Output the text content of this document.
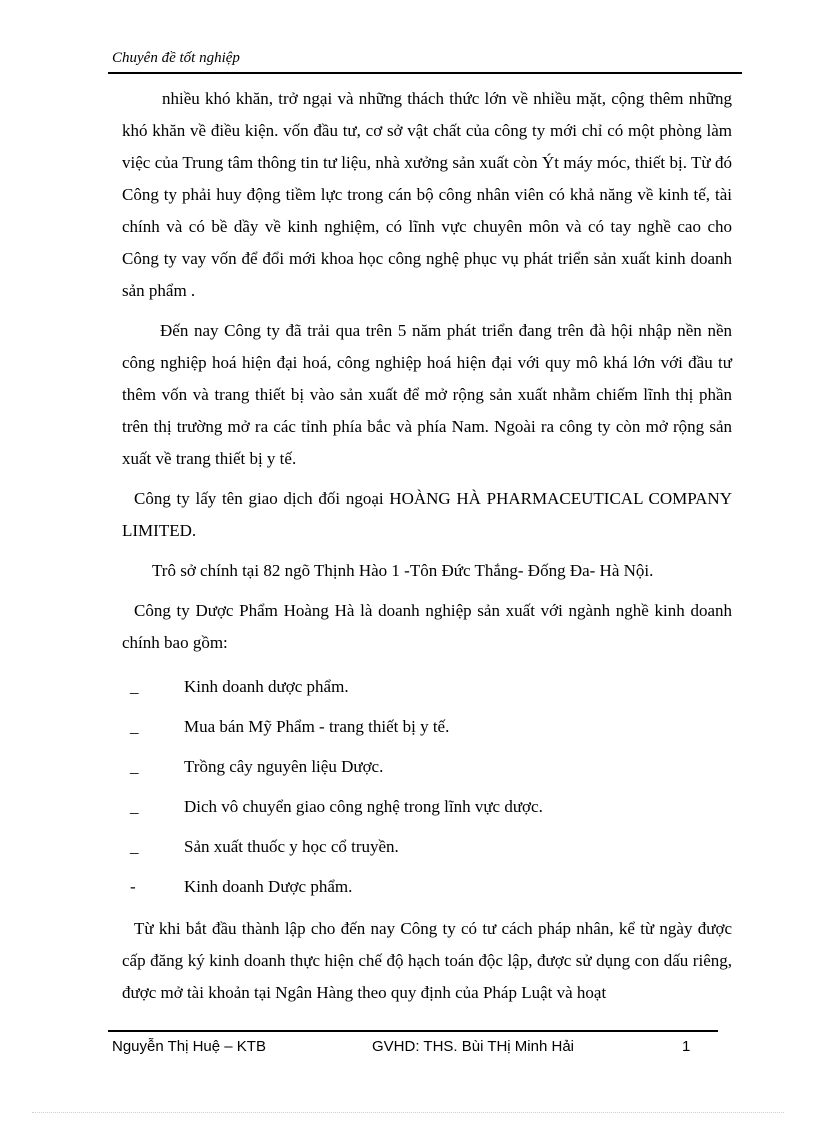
Chuyên đề tốt nghiệp

nhiều khó khăn, trở ngại và những thách thức lớn về nhiều mặt, cộng thêm những khó khăn về điều kiện. vốn đầu tư, cơ sở vật chất của công ty mới chỉ có một phòng làm việc của Trung tâm thông tin tư liệu, nhà xưởng sản xuất còn Ýt máy móc, thiết bị. Từ đó Công ty phải huy động tiềm lực trong cán bộ công nhân viên có khả năng về kinh tế, tài chính và có bề dầy về kinh nghiệm, có lĩnh vực chuyên môn và có tay nghề cao cho Công ty vay vốn để đổi mới khoa học công nghệ phục vụ phát triển sản xuất kinh doanh sản phẩm .

Đến nay Công ty đã trải qua trên 5 năm phát triển đang trên đà hội nhập nền nền công nghiệp hoá hiện đại hoá, công nghiệp hoá hiện đại với quy mô khá lớn với đầu tư thêm vốn và trang thiết bị vào sản xuất để mở rộng sản xuất nhằm chiếm lĩnh thị phần trên thị trường mở ra các tỉnh phía bắc và phía Nam. Ngoài ra công ty còn mở rộng sản xuất về trang thiết bị y tế.

Công ty lấy tên giao dịch đối ngoại HOÀNG HÀ PHARMACEUTICAL COMPANY LIMITED.

Trô sở chính tại 82 ngõ Thịnh Hào 1 -Tôn Đức Thắng- Đống Đa- Hà Nội.

Công ty Dược Phẩm Hoàng Hà là doanh nghiệp sản xuất với ngành nghề kinh doanh chính bao gồm:

_	Kinh doanh dược phẩm.
_	Mua bán Mỹ Phẩm - trang thiết bị y tế.
_	Trồng cây nguyên liệu Dược.
_	Dich vô chuyển giao công nghệ trong lĩnh vực dược.
_	Sản xuất thuốc y học cổ truyền.
-	Kinh doanh Dược phẩm.

Từ khi bắt đầu thành lập cho đến nay Công ty có tư cách pháp nhân, kể từ ngày được cấp đăng ký kinh doanh thực hiện chế độ hạch toán độc lập, được sử dụng con dấu riêng, được mở tài khoản tại Ngân Hàng theo quy định của Pháp Luật và hoạt

Nguyễn Thị Huệ – KTB	GVHD: THS. Bùi THị Minh Hải	1
